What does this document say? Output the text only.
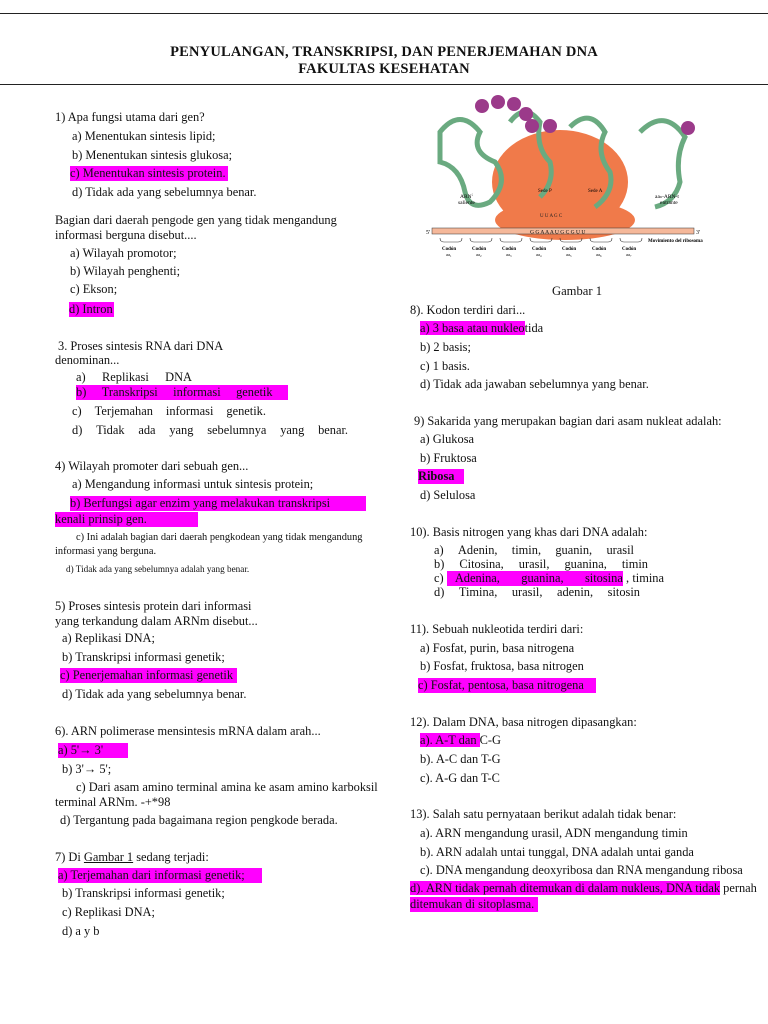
PENYULANGAN, TRANSKRIPSI, DAN PENERJEMAHAN DNA
FAKULTAS KESEHATAN
5'	3'
G G A A A U G C G U U
U U A G C
ARNⁱ
saliente
Sede P	Sede A
aaₙ-ARN-t
entrante
Movimiento del ribosoma
Codón
aa₁
Codón
aa₂
Codón
aa₃
Codón
aa₄
Codón
aa₅
Codón
aa₆
Codón
aa₇
Gambar 1
1) Apa fungsi utama dari gen?
a) Menentukan sintesis lipid;
b) Menentukan sintesis glukosa;
c) Menentukan sintesis protein.
d) Tidak ada yang sebelumnya benar.
Bagian dari daerah pengode gen yang tidak mengandung
informasi berguna disebut....
a) Wilayah promotor;
b) Wilayah penghenti;
c) Ekson;
d) Intron
3. Proses sintesis RNA dari DNA
denominan...
a) Replikasi DNA
b) Transkripsi informasi genetik
c) Terjemahan informasi genetik.
d) Tidak ada yang sebelumnya yang benar.
4) Wilayah promoter dari sebuah gen...
a) Mengandung informasi untuk sintesis protein;
b) Berfungsi agar enzim yang melakukan transkripsi
kenali prinsip gen.
c) Ini adalah bagian dari daerah pengkodean yang tidak mengandung
informasi yang berguna.
d) Tidak ada yang sebelumnya adalah yang benar.
5) Proses sintesis protein dari informasi
yang terkandung dalam ARNm disebut...
a) Replikasi DNA;
b) Transkripsi informasi genetik;
c) Penerjemahan informasi genetik
d) Tidak ada yang sebelumnya benar.
6). ARN polimerase mensintesis mRNA dalam arah...
a) 5'→ 3'
b) 3'→ 5';
c) Dari asam amino terminal amina ke asam amino karboksil
terminal ARNm. -+*98
d) Tergantung pada bagaimana region pengkode berada.
7) Di Gambar 1 sedang terjadi:
a) Terjemahan dari informasi genetik;
b) Transkripsi informasi genetik;
c) Replikasi DNA;
d) a y b
8). Kodon terdiri dari...
a) 3 basa atau nukleotida
b) 2 basis;
c) 1 basis.
d) Tidak ada jawaban sebelumnya yang benar.
9) Sakarida yang merupakan bagian dari asam nukleat adalah:
a) Glukosa
b) Fruktosa
Ribosa
d) Selulosa
10). Basis nitrogen yang khas dari DNA adalah:
a) Adenin, timin, guanin, urasil
b) Citosina, urasil, guanina, timin
c) Adenina, guanina, sitosina , timina
d) Timina, urasil, adenin, sitosin
11). Sebuah nukleotida terdiri dari:
a) Fosfat, purin, basa nitrogena
b) Fosfat, fruktosa, basa nitrogen
c) Fosfat, pentosa, basa nitrogena
12). Dalam DNA, basa nitrogen dipasangkan:
a). A-T dan C-G
b). A-C dan T-G
c). A-G dan T-C
13). Salah satu pernyataan berikut adalah tidak benar:
a). ARN mengandung urasil, ADN mengandung timin
b). ARN adalah untai tunggal, DNA adalah untai ganda
c). DNA mengandung deoxyribosa dan RNA mengandung ribosa
d). ARN tidak pernah ditemukan di dalam nukleus, DNA tidak pernah
ditemukan di sitoplasma.
